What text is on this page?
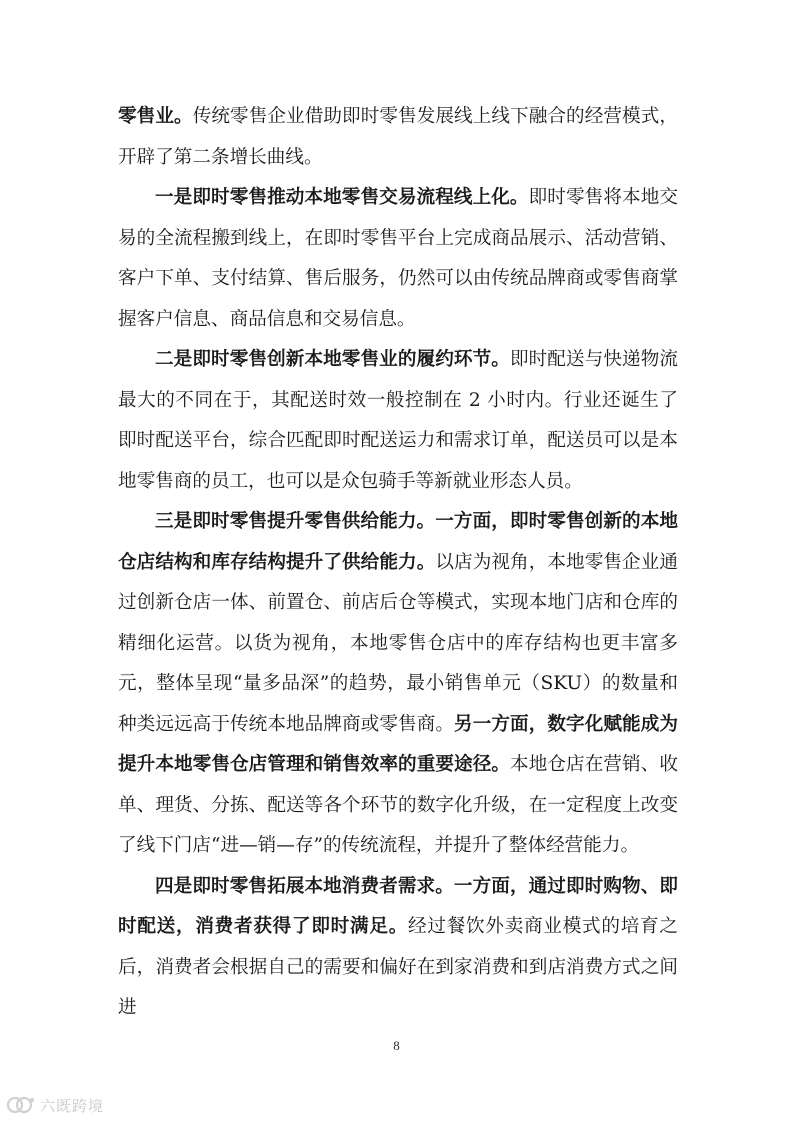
零售业。传统零售企业借助即时零售发展线上线下融合的经营模式，开辟了第二条增长曲线。

一是即时零售推动本地零售交易流程线上化。即时零售将本地交易的全流程搬到线上，在即时零售平台上完成商品展示、活动营销、客户下单、支付结算、售后服务，仍然可以由传统品牌商或零售商掌握客户信息、商品信息和交易信息。

二是即时零售创新本地零售业的履约环节。即时配送与快递物流最大的不同在于，其配送时效一般控制在 2 小时内。行业还诞生了即时配送平台，综合匹配即时配送运力和需求订单，配送员可以是本地零售商的员工，也可以是众包骑手等新就业形态人员。

三是即时零售提升零售供给能力。一方面，即时零售创新的本地仓店结构和库存结构提升了供给能力。以店为视角，本地零售企业通过创新仓店一体、前置仓、前店后仓等模式，实现本地门店和仓库的精细化运营。以货为视角，本地零售仓店中的库存结构也更丰富多元，整体呈现“量多品深”的趋势，最小销售单元（SKU）的数量和种类远远高于传统本地品牌商或零售商。另一方面，数字化赋能成为提升本地零售仓店管理和销售效率的重要途径。本地仓店在营销、收单、理货、分拣、配送等各个环节的数字化升级，在一定程度上改变了线下门店“进—销—存”的传统流程，并提升了整体经营能力。

四是即时零售拓展本地消费者需求。一方面，通过即时购物、即时配送，消费者获得了即时满足。经过餐饮外卖商业模式的培育之后，消费者会根据自己的需要和偏好在到家消费和到店消费方式之间进

8
六既跨境
